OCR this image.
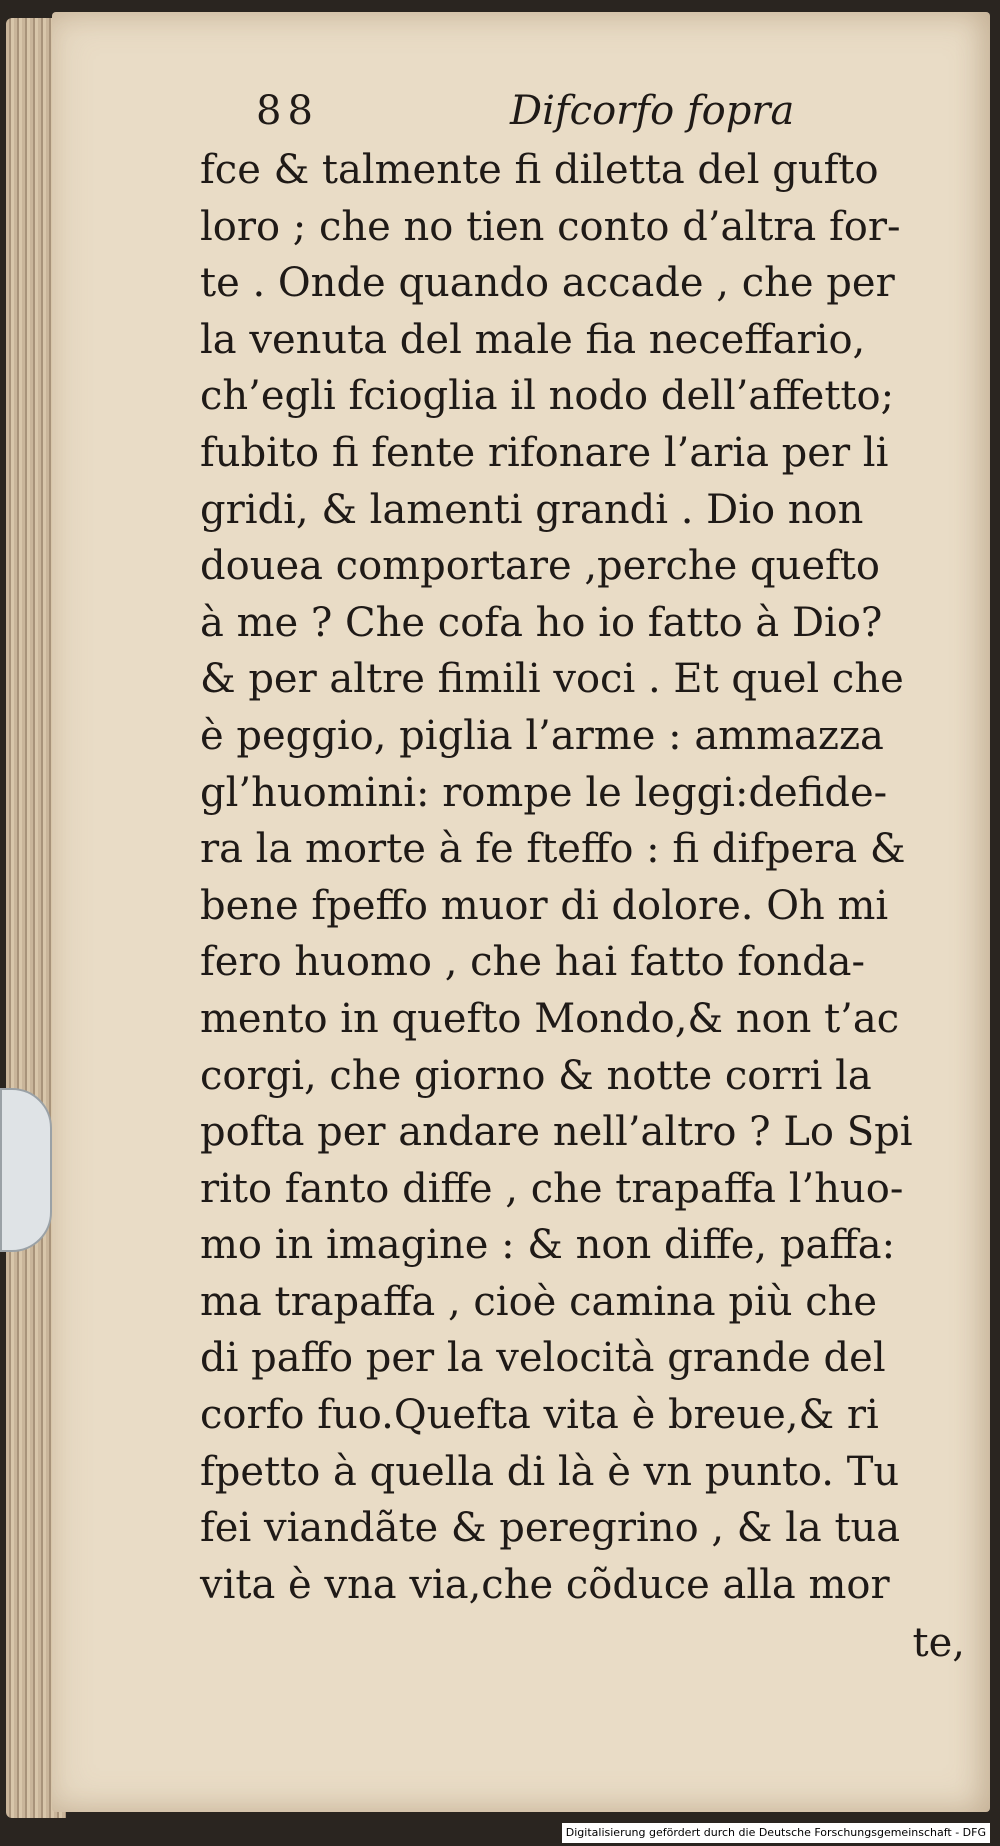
88	Difcorfo fopra
fce & talmente fi diletta del gufto
loro ; che no tien conto d’altra for-
te . Onde quando accade , che per
la venuta del male fia neceffario,
ch’egli fciogliа il nodo dell’affetto;
fubito fi fente rifonare l’aria per li
gridi, & lamenti grandi . Dio non
douea comportare ,perche quefto
à me ? Che cofa ho io fatto à Dio?
& per altre fimili voci . Et quel che
è peggio, piglia l’arme : ammazza
gl’huomini: rompe le leggi:defide-
ra la morte à fe fteffo : fi difpera &
bene fpeffo muor di dolore. Oh mi
fero huomo , che hai fatto fonda-
mento in quefto Mondo,& non t’ac
corgi, che giorno & notte corri la
pofta per andare nell’altro ? Lo Spi
rito fanto diffe , che trapaffa l’huo-
mo in imagine : & non diffe, paffa:
ma trapaffa , cioè camina più che
di paffo per la velocità grande del
corfo fuo.Quefta vita è breue,& ri
fpetto à quella di là è vn punto. Tu
fei viandãte & peregrino , & la tua
vita è vna via,che cõduce alla mor
te,
Digitalisierung gefördert durch die Deutsche Forschungsgemeinschaft - DFG
